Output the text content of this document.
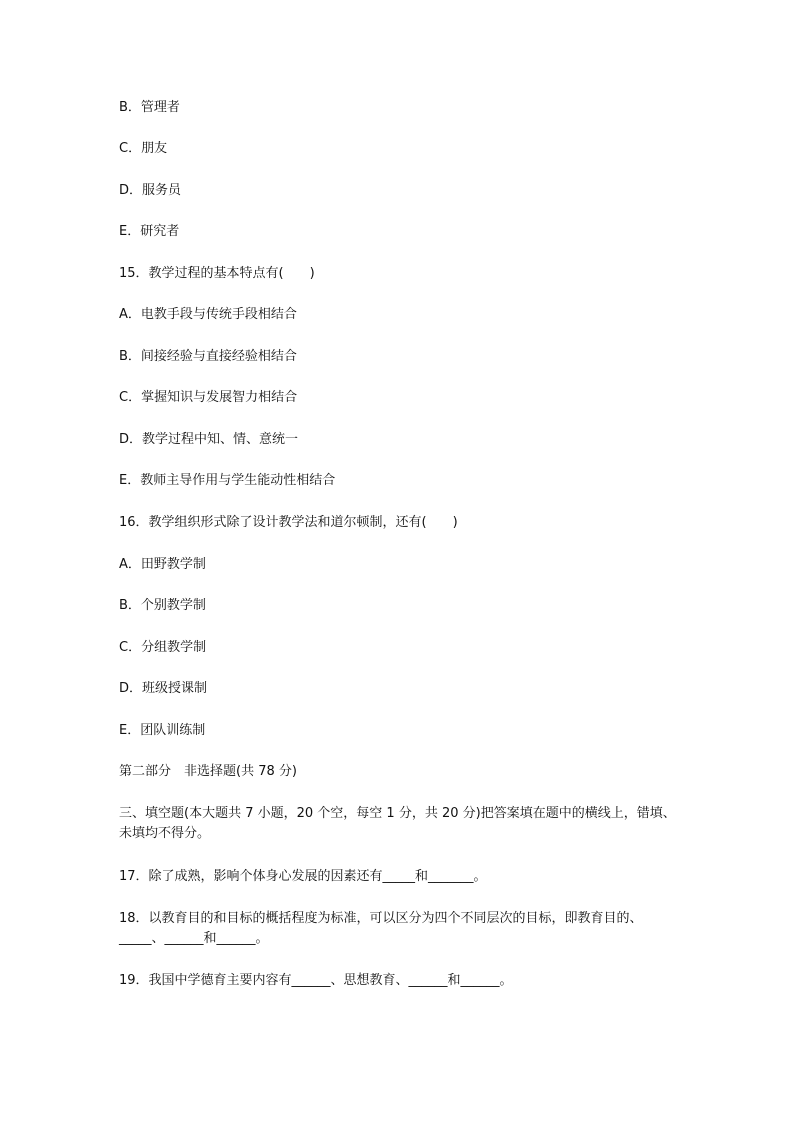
B．管理者
C．朋友
D．服务员
E．研究者
15．教学过程的基本特点有(　　)
A．电教手段与传统手段相结合
B．间接经验与直接经验相结合
C．掌握知识与发展智力相结合
D．教学过程中知、情、意统一
E．教师主导作用与学生能动性相结合
16．教学组织形式除了设计教学法和道尔顿制，还有(　　)
A．田野教学制
B．个别教学制
C．分组教学制
D．班级授课制
E．团队训练制
第二部分　非选择题(共 78 分)
三、填空题(本大题共 7 小题，20 个空，每空 1 分，共 20 分)把答案填在题中的横线上，错填、未填均不得分。
17．除了成熟，影响个体身心发展的因素还有_____和_______。
18．以教育目的和目标的概括程度为标准，可以区分为四个不同层次的目标，即教育目的、_____、______和______。
19．我国中学德育主要内容有______、思想教育、______和______。
